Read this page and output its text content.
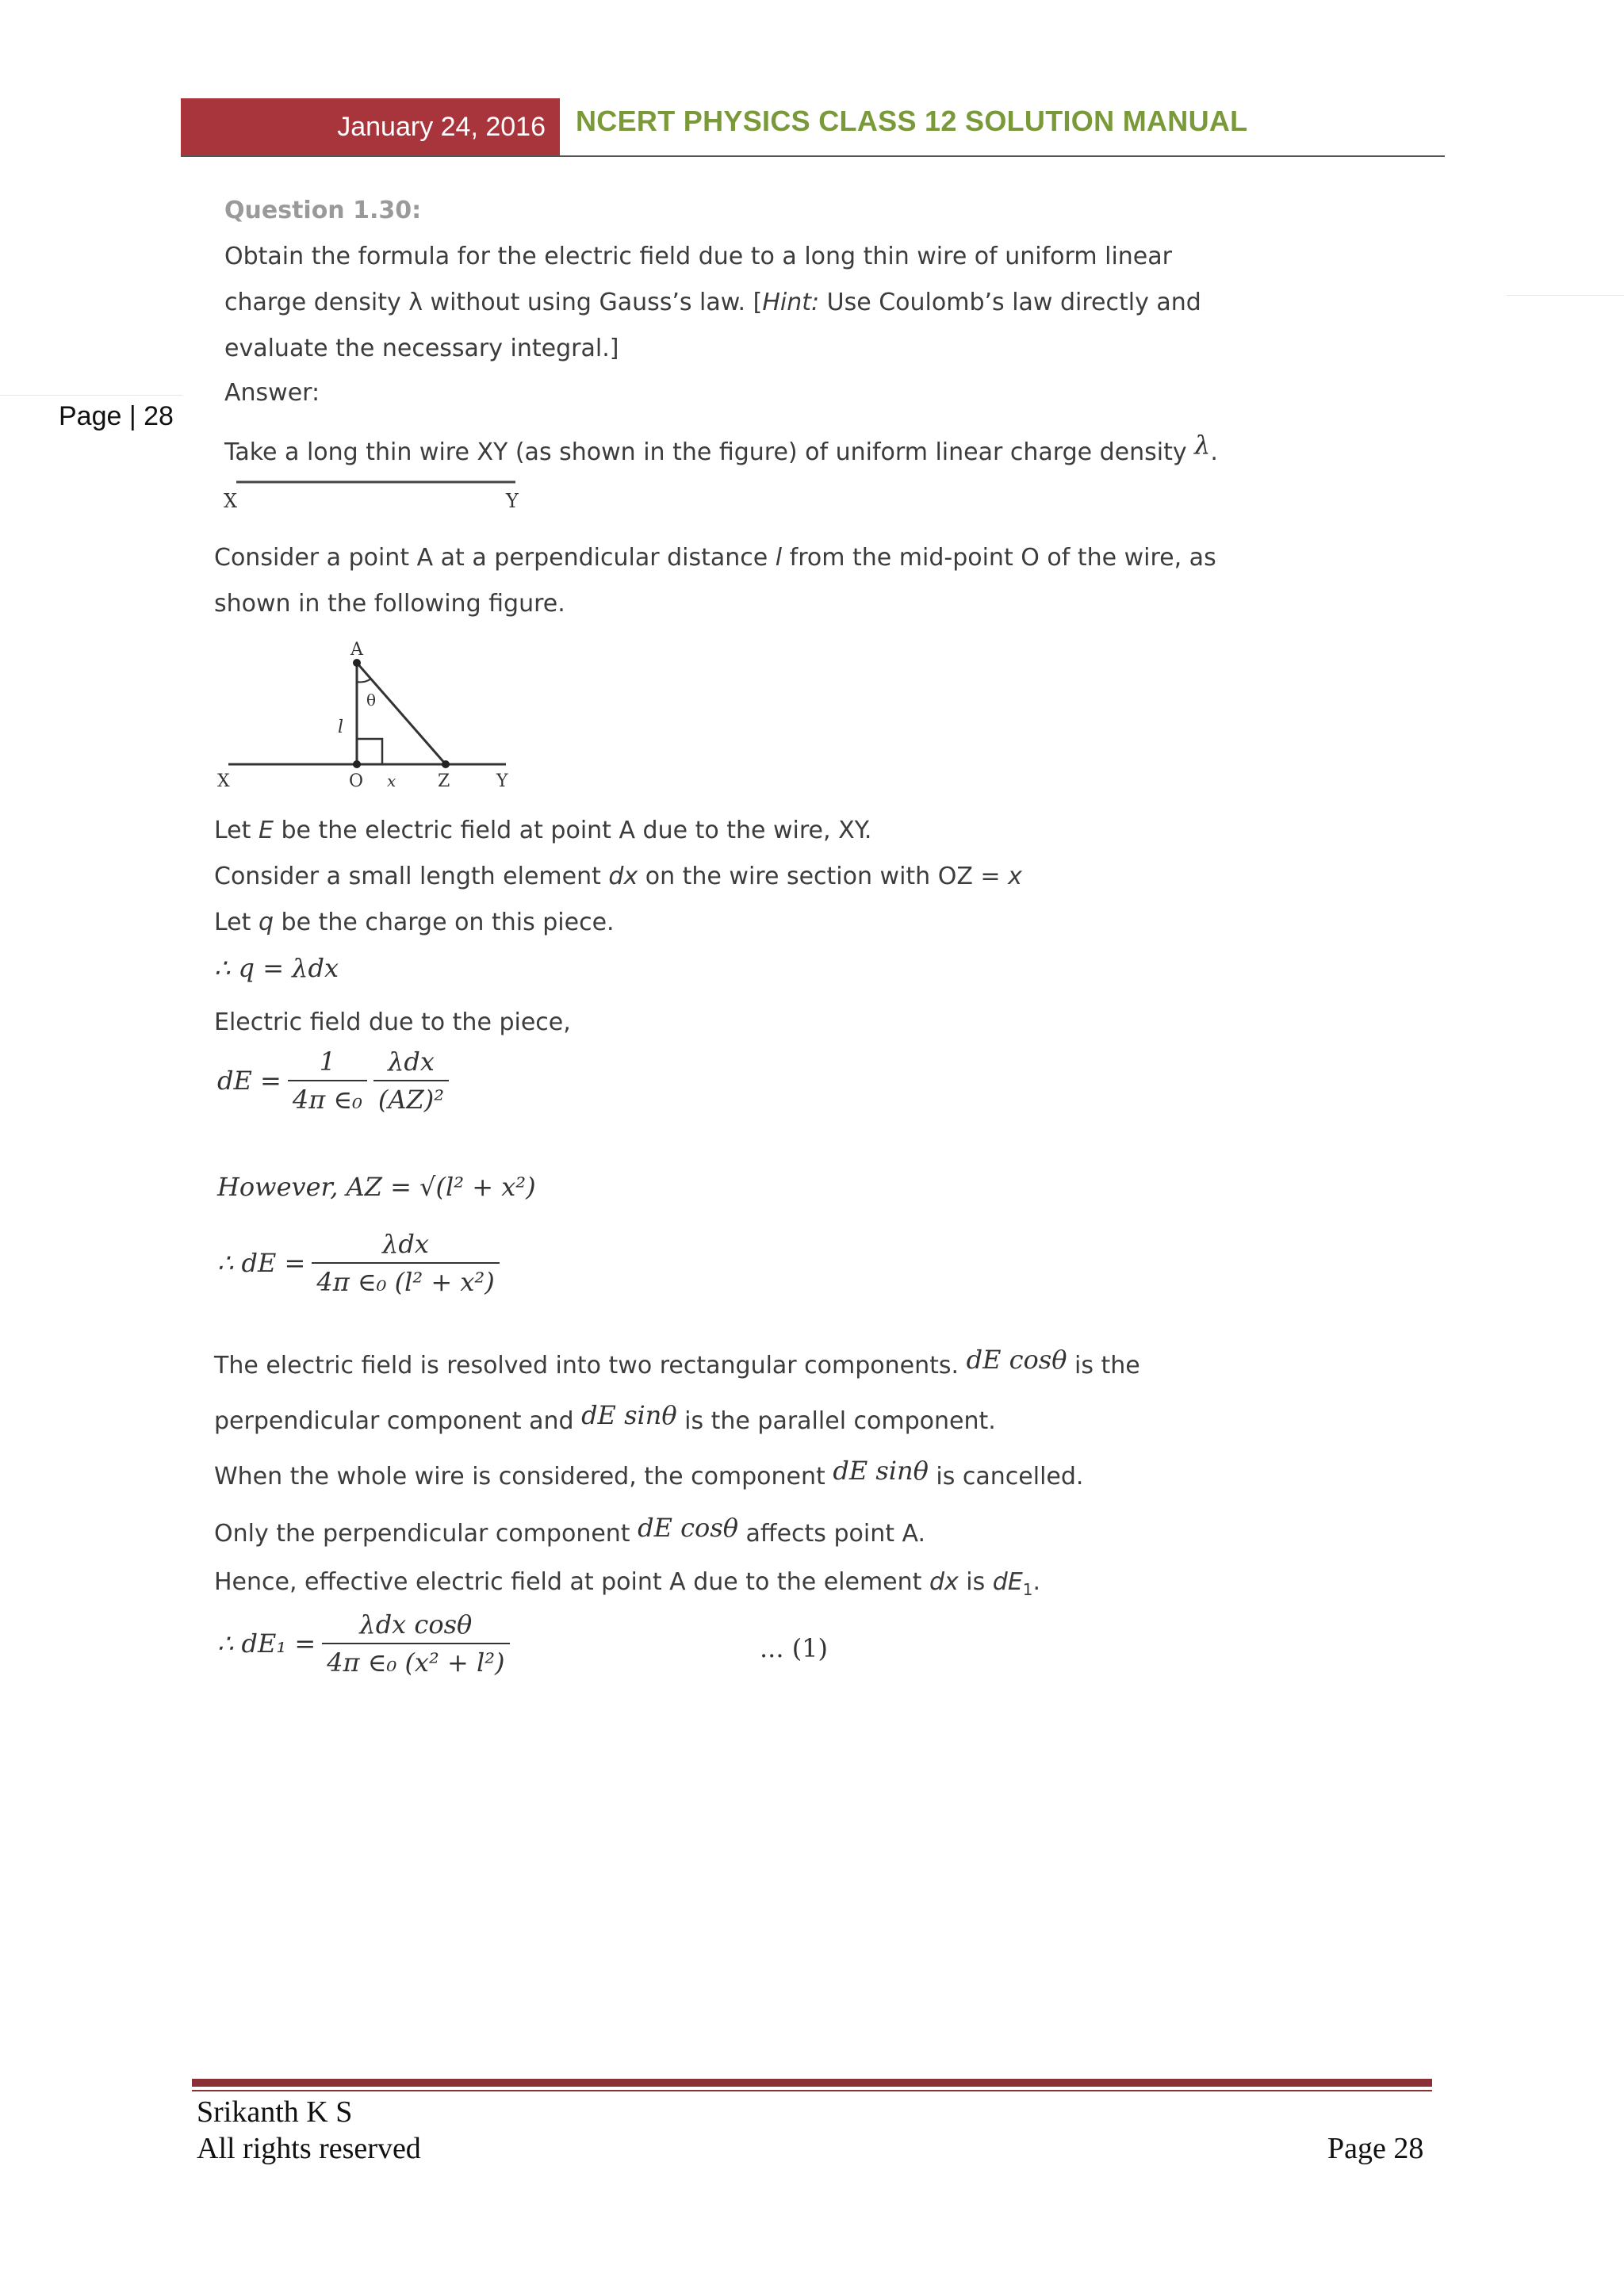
January 24, 2016 NCERT PHYSICS CLASS 12 SOLUTION MANUAL
Page | 28
Question 1.30:
Obtain the formula for the electric field due to a long thin wire of uniform linear
charge density λ without using Gauss’s law. [Hint: Use Coulomb’s law directly and
evaluate the necessary integral.]
Answer:
Take a long thin wire XY (as shown in the figure) of uniform linear charge density λ.
X	Y
Consider a point A at a perpendicular distance l from the mid-point O of the wire, as
shown in the following figure.
A
θ
l
X	O x Z	Y
Let E be the electric field at point A due to the wire, XY.
Consider a small length element dx on the wire section with OZ = x
Let q be the charge on this piece.
∴ q = λdx
Electric field due to the piece,
dE = $\frac{1}{\text{4π ∈₀}} \frac{\text{λdx}}{\text{(AZ)²}}$
However, AZ = √(l² + x²)
∴ dE = $\frac{\text{λdx}}{\text{4π ∈₀ (l² + x²)}}$
The electric field is resolved into two rectangular components. dE cosθ is the
perpendicular component and dE sinθ is the parallel component.
When the whole wire is considered, the component dE sinθ is cancelled.
Only the perpendicular component dE cosθ affects point A.
Hence, effective electric field at point A due to the element dx is $dE_1$.
∴ $dE_1 = \frac{\text{λdx cosθ}}{\text{4π ∈₀ (x² + l²)}}$	... (1)
Srikanth K S
All rights reserved	Page 28
